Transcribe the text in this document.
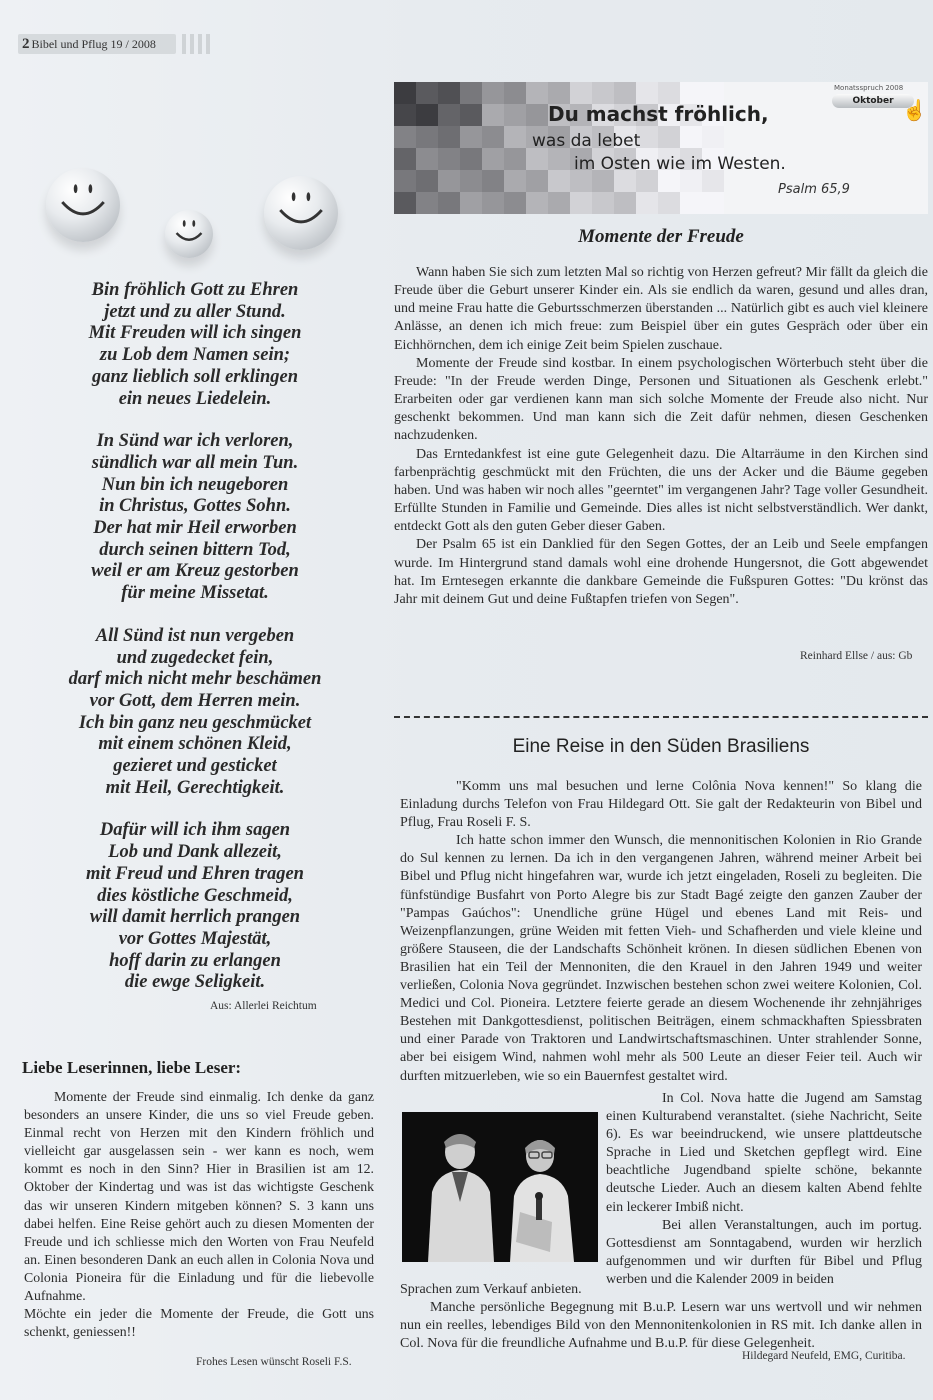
2 Bibel und Pflug 19 / 2008
Bin fröhlich Gott zu Ehren
jetzt und zu aller Stund.
Mit Freuden will ich singen
zu Lob dem Namen sein;
ganz lieblich soll erklingen
ein neues Liedelein.
In Sünd war ich verloren,
sündlich war all mein Tun.
Nun bin ich neugeboren
in Christus, Gottes Sohn.
Der hat mir Heil erworben
durch seinen bittern Tod,
weil er am Kreuz gestorben
für meine Missetat.
All Sünd ist nun vergeben
und zugedecket fein,
darf mich nicht mehr beschämen
vor Gott, dem Herren mein.
Ich bin ganz neu geschmücket
mit einem schönen Kleid,
gezieret und gesticket
mit Heil, Gerechtigkeit.
Dafür will ich ihm sagen
Lob und Dank allezeit,
mit Freud und Ehren tragen
dies köstliche Geschmeid,
will damit herrlich prangen
vor Gottes Majestät,
hoff darin zu erlangen
die ewge Seligkeit.
Aus: Allerlei Reichtum
Liebe Leserinnen, liebe Leser:

Momente der Freude sind einmalig. Ich denke da ganz besonders an unsere Kinder, die uns so viel Freude geben. Einmal recht von Herzen mit den Kindern fröhlich und vielleicht gar ausgelassen sein - wer kann es noch, wem kommt es noch in den Sinn? Hier in Brasilien ist am 12. Oktober der Kindertag und was ist das wichtigste Geschenk das wir unseren Kindern mitgeben können? S. 3 kann uns dabei helfen. Eine Reise gehört auch zu diesen Momenten der Freude und ich schliesse mich den Worten von Frau Neufeld an. Einen besonderen Dank an euch allen in Colonia Nova und Colonia Pioneira für die Einladung und für die liebevolle Aufnahme.

Möchte ein jeder die Momente der Freude, die Gott uns schenkt, geniessen!!

Frohes Lesen wünscht Roseli F.S.
Monatsspruch 2008
Oktober ☝
Du machst fröhlich,
was da lebet
im Osten wie im Westen.
Psalm 65,9
Momente der Freude

Wann haben Sie sich zum letzten Mal so richtig von Herzen gefreut? Mir fällt da gleich die Freude über die Geburt unserer Kinder ein. Als sie endlich da waren, gesund und alles dran, und meine Frau hatte die Geburtsschmerzen überstanden ... Natürlich gibt es auch viel kleinere Anlässe, an denen ich mich freue: zum Beispiel über ein gutes Gespräch oder über ein Eichhörnchen, dem ich einige Zeit beim Spielen zuschaue.

Momente der Freude sind kostbar. In einem psychologischen Wörterbuch steht über die Freude: "In der Freude werden Dinge, Personen und Situationen als Geschenk erlebt." Erarbeiten oder gar verdienen kann man sich solche Momente der Freude also nicht. Nur geschenkt bekommen. Und man kann sich die Zeit dafür nehmen, diesen Geschenken nachzudenken.

Das Erntedankfest ist eine gute Gelegenheit dazu. Die Altarräume in den Kirchen sind farbenprächtig geschmückt mit den Früchten, die uns der Acker und die Bäume gegeben haben. Und was haben wir noch alles "geerntet" im vergangenen Jahr? Tage voller Gesundheit. Erfüllte Stunden in Familie und Gemeinde. Dies alles ist nicht selbstverständlich. Wer dankt, entdeckt Gott als den guten Geber dieser Gaben.

Der Psalm 65 ist ein Danklied für den Segen Gottes, der an Leib und Seele empfangen wurde. Im Hintergrund stand damals wohl eine drohende Hungersnot, die Gott abgewendet hat. Im Erntesegen erkannte die dankbare Gemeinde die Fußspuren Gottes: "Du krönst das Jahr mit deinem Gut und deine Fußtapfen triefen von Segen".

Reinhard Ellse / aus: Gb
Eine Reise in den Süden Brasiliens

"Komm uns mal besuchen und lerne Colônia Nova kennen!" So klang die Einladung durchs Telefon von Frau Hildegard Ott. Sie galt der Redakteurin von Bibel und Pflug, Frau Roseli F. S.

Ich hatte schon immer den Wunsch, die mennonitischen Kolonien in Rio Grande do Sul kennen zu lernen. Da ich in den vergangenen Jahren, während meiner Arbeit bei Bibel und Pflug nicht hingefahren war, wurde ich jetzt eingeladen, Roseli zu begleiten. Die fünfstündige Busfahrt von Porto Alegre bis zur Stadt Bagé zeigte den ganzen Zauber der "Pampas Gaúchos": Unendliche grüne Hügel und ebenes Land mit Reis- und Weizenpflanzungen, grüne Weiden mit fetten Vieh- und Schafherden und viele kleine und größere Stauseen, die der Landschafts Schönheit krönen. In diesen südlichen Ebenen von Brasilien hat ein Teil der Mennoniten, die den Krauel in den Jahren 1949 und weiter verließen, Colonia Nova gegründet. Inzwischen bestehen schon zwei weitere Kolonien, Col. Medici und Col. Pioneira. Letztere feierte gerade an diesem Wochenende ihr zehnjähriges Bestehen mit Dankgottesdienst, politischen Beiträgen, einem schmackhaften Spiessbraten und einer Parade von Traktoren und Landwirtschaftsmaschinen. Unter strahlender Sonne, aber bei eisigem Wind, nahmen wohl mehr als 500 Leute an dieser Feier teil. Auch wir durften mitzuerleben, wie so ein Bauernfest gestaltet wird.

In Col. Nova hatte die Jugend am Samstag einen Kulturabend veranstaltet. (siehe Nachricht, Seite 6). Es war beeindruckend, wie unsere plattdeutsche Sprache in Lied und Sketchen gepflegt wird. Eine beachtliche Jugendband spielte schöne, bekannte deutsche Lieder. Auch an diesem kalten Abend fehlte ein leckerer Imbiß nicht.

Bei allen Veranstaltungen, auch im portug. Gottesdienst am Sonntagabend, wurden wir herzlich aufgenommen und wir durften für Bibel und Pflug werben und die Kalender 2009 in beiden

Sprachen zum Verkauf anbieten.

Manche persönliche Begegnung mit B.u.P. Lesern war uns wertvoll und wir nehmen nun ein reelles, lebendiges Bild von den Mennonitenkolonien in RS mit. Ich danke allen in Col. Nova für die freundliche Aufnahme und B.u.P. für diese Gelegenheit.

Hildegard Neufeld, EMG, Curitiba.
